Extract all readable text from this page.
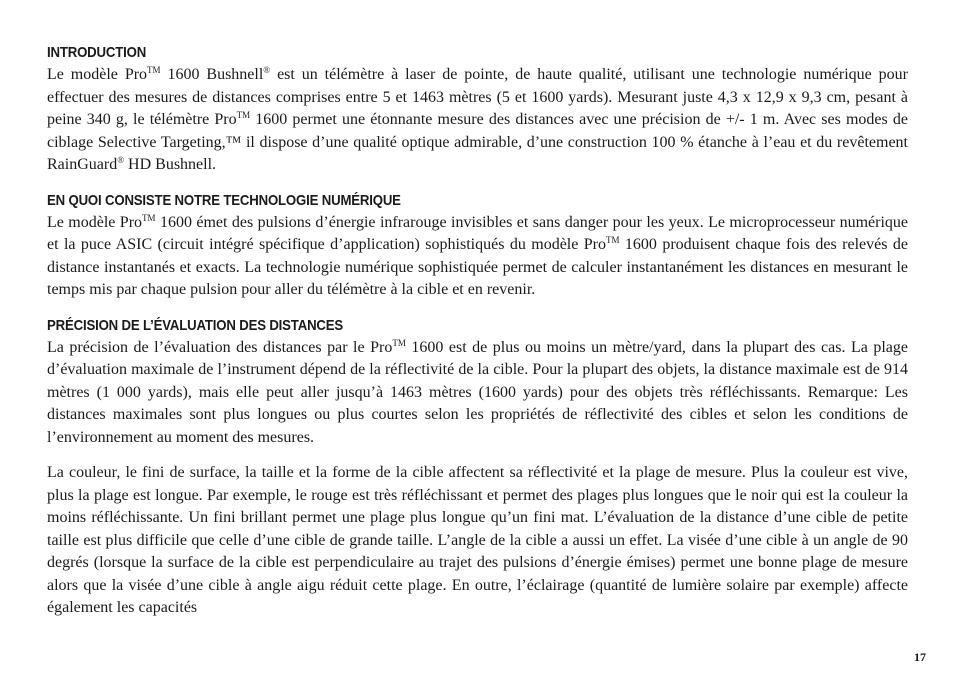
INTRODUCTION

Le modèle Pro™ 1600 Bushnell® est un télémètre à laser de pointe, de haute qualité, utilisant une technologie numérique pour effectuer des mesures de distances comprises entre 5 et 1463 mètres (5 et 1600 yards). Mesurant juste 4,3 x 12,9 x 9,3 cm, pesant à peine 340 g, le télémètre Pro™ 1600 permet une étonnante mesure des distances avec une précision de +/- 1 m. Avec ses modes de ciblage Selective Targeting,™ il dispose d’une qualité optique admirable, d’une construction 100 % étanche à l’eau et du revêtement RainGuard® HD Bushnell.

EN QUOI CONSISTE NOTRE TECHNOLOGIE NUMÉRIQUE

Le modèle Pro™ 1600 émet des pulsions d’énergie infrarouge invisibles et sans danger pour les yeux. Le microprocesseur numérique et la puce ASIC (circuit intégré spécifique d’application) sophistiqués du modèle Pro™ 1600 produisent chaque fois des relevés de distance instantanés et exacts. La technologie numérique sophistiquée permet de calculer instantanément les distances en mesurant le temps mis par chaque pulsion pour aller du télémètre à la cible et en revenir.

PRÉCISION DE L’ÉVALUATION DES DISTANCES

La précision de l’évaluation des distances par le Pro™ 1600 est de plus ou moins un mètre/yard, dans la plupart des cas. La plage d’évaluation maximale de l’instrument dépend de la réflectivité de la cible. Pour la plupart des objets, la distance maximale est de 914 mètres (1 000 yards), mais elle peut aller jusqu’à 1463 mètres (1600 yards) pour des objets très réfléchissants. Remarque: Les distances maximales sont plus longues ou plus courtes selon les propriétés de réflectivité des cibles et selon les conditions de l’environnement au moment des mesures.

La couleur, le fini de surface, la taille et la forme de la cible affectent sa réflectivité et la plage de mesure. Plus la couleur est vive, plus la plage est longue. Par exemple, le rouge est très réfléchissant et permet des plages plus longues que le noir qui est la couleur la moins réfléchissante. Un fini brillant permet une plage plus longue qu’un fini mat. L’évaluation de la distance d’une cible de petite taille est plus difficile que celle d’une cible de grande taille. L’angle de la cible a aussi un effet. La visée d’une cible à un angle de 90 degrés (lorsque la surface de la cible est perpendiculaire au trajet des pulsions d’énergie émises) permet une bonne plage de mesure alors que la visée d’une cible à angle aigu réduit cette plage. En outre, l’éclairage (quantité de lumière solaire par exemple) affecte également les capacités

17
